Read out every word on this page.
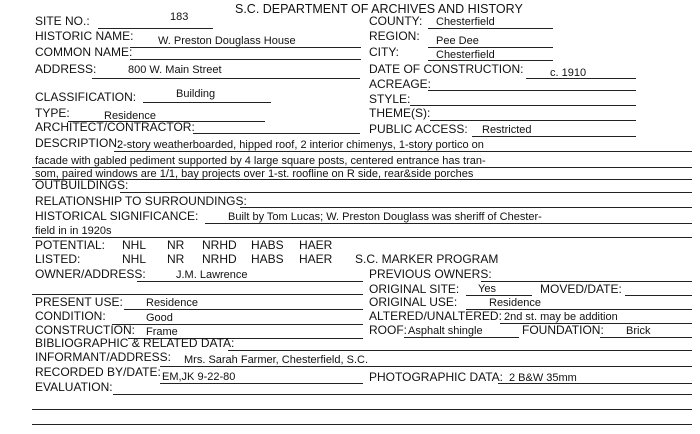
S.C. DEPARTMENT OF ARCHIVES AND HISTORY
SITE NO.:	183
HISTORIC NAME: W. Preston Douglass House
COMMON NAME:
ADDRESS:	800 W. Main Street
CLASSIFICATION:	Building
TYPE:	Residence
ARCHITECT/CONTRACTOR:
COUNTY: Chesterfield
REGION: Pee Dee
CITY:	Chesterfield
DATE OF CONSTRUCTION: c. 1910
ACREAGE:
STYLE:
THEME(S):
PUBLIC ACCESS: Restricted
DESCRIPTION:
2-story weatherboarded, hipped roof, 2 interior chimenys, 1-story portico on
facade with gabled pediment supported by 4 large square posts, centered entrance has tran-
som, paired windows are 1/1, bay projects over 1-st. roofline on R side, rear&side porches
OUTBUILDINGS:
RELATIONSHIP TO SURROUNDINGS:
HISTORICAL SIGNIFICANCE:	Built by Tom Lucas; W. Preston Douglass was sheriff of Chester-
field in in 1920s
POTENTIAL: NHL NR NRHD HABS HAER
LISTED:	NHL NR NRHD HABS HAER S.C. MARKER PROGRAM
OWNER/ADDRESS:	J.M. Lawrence	PREVIOUS OWNERS:
ORIGINAL SITE: Yes	MOVED/DATE:
PRESENT USE: Residence	ORIGINAL USE:	Residence
CONDITION:	Good	ALTERED/UNALTERED: 2nd st. may be addition
CONSTRUCTION: Frame	ROOF: Asphalt shingle	FOUNDATION: Brick
BIBLIOGRAPHIC & RELATED DATA:
INFORMANT/ADDRESS: Mrs. Sarah Farmer, Chesterfield, S.C.
RECORDED BY/DATE: EM,JK 9-22-80	PHOTOGRAPHIC DATA: 2 B&W 35mm
EVALUATION:
